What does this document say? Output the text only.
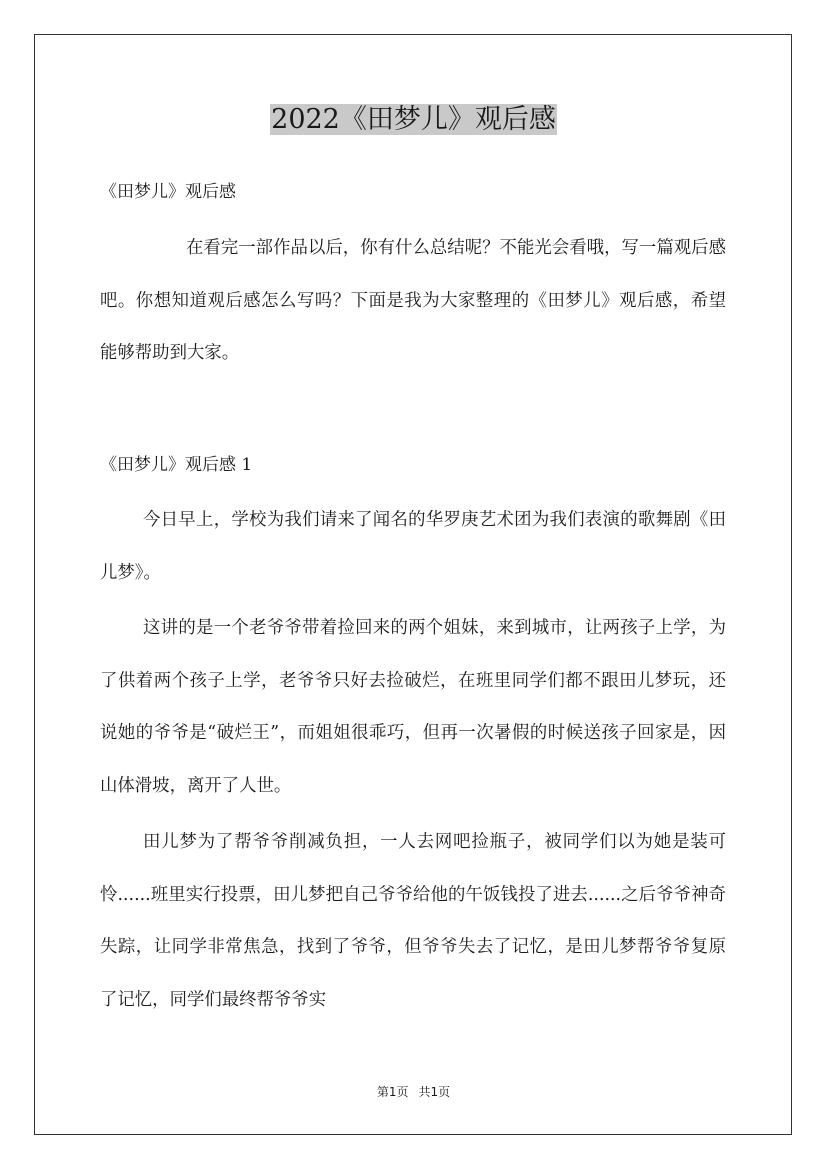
2022《田梦儿》观后感
《田梦儿》观后感

在看完一部作品以后，你有什么总结呢？不能光会看哦，写一篇观后感吧。你想知道观后感怎么写吗？下面是我为大家整理的《田梦儿》观后感，希望能够帮助到大家。

《田梦儿》观后感 1

今日早上，学校为我们请来了闻名的华罗庚艺术团为我们表演的歌舞剧《田儿梦》。

这讲的是一个老爷爷带着捡回来的两个姐妹，来到城市，让两孩子上学，为了供着两个孩子上学，老爷爷只好去捡破烂，在班里同学们都不跟田儿梦玩，还说她的爷爷是“破烂王”，而姐姐很乖巧，但再一次暑假的时候送孩子回家是，因山体滑坡，离开了人世。

田儿梦为了帮爷爷削减负担，一人去网吧捡瓶子，被同学们以为她是装可怜......班里实行投票，田儿梦把自己爷爷给他的午饭钱投了进去......之后爷爷神奇失踪，让同学非常焦急，找到了爷爷，但爷爷失去了记忆，是田儿梦帮爷爷复原了记忆，同学们最终帮爷爷实

第1页 共1页
